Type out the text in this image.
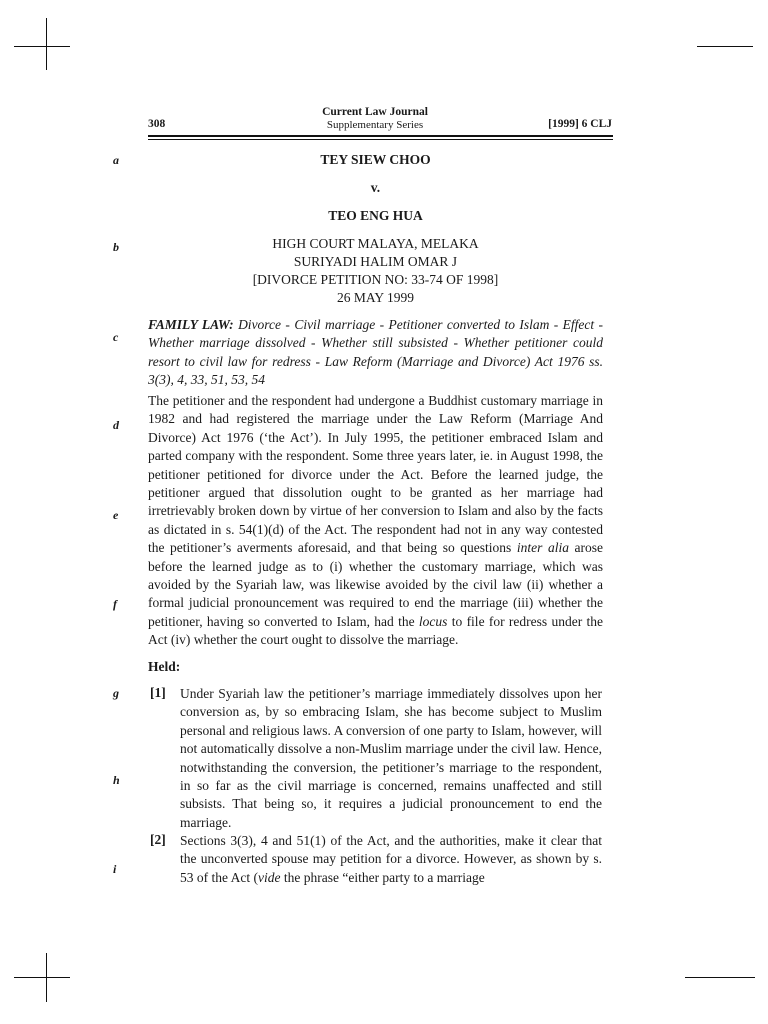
308
Current Law Journal
Supplementary Series	[1999] 6 CLJ
a
b
c
d
e
f
g
h
i
TEY SIEW CHOO
v.
TEO ENG HUA
HIGH COURT MALAYA, MELAKA
SURIYADI HALIM OMAR J
[DIVORCE PETITION NO: 33-74 OF 1998]
26 MAY 1999
FAMILY LAW: Divorce - Civil marriage - Petitioner converted to Islam - Effect - Whether marriage dissolved - Whether still subsisted - Whether petitioner could resort to civil law for redress - Law Reform (Marriage and Divorce) Act 1976 ss. 3(3), 4, 33, 51, 53, 54
The petitioner and the respondent had undergone a Buddhist customary marriage in 1982 and had registered the marriage under the Law Reform (Marriage And Divorce) Act 1976 (‘the Act’). In July 1995, the petitioner embraced Islam and parted company with the respondent. Some three years later, ie. in August 1998, the petitioner petitioned for divorce under the Act. Before the learned judge, the petitioner argued that dissolution ought to be granted as her marriage had irretrievably broken down by virtue of her conversion to Islam and also by the facts as dictated in s. 54(1)(d) of the Act. The respondent had not in any way contested the petitioner’s averments aforesaid, and that being so questions inter alia arose before the learned judge as to (i) whether the customary marriage, which was avoided by the Syariah law, was likewise avoided by the civil law (ii) whether a formal judicial pronouncement was required to end the marriage (iii) whether the petitioner, having so converted to Islam, had the locus to file for redress under the Act (iv) whether the court ought to dissolve the marriage.
Held:
[1] Under Syariah law the petitioner’s marriage immediately dissolves upon her conversion as, by so embracing Islam, she has become subject to Muslim personal and religious laws. A conversion of one party to Islam, however, will not automatically dissolve a non-Muslim marriage under the civil law. Hence, notwithstanding the conversion, the petitioner’s marriage to the respondent, in so far as the civil marriage is concerned, remains unaffected and still subsists. That being so, it requires a judicial pronouncement to end the marriage.
[2] Sections 3(3), 4 and 51(1) of the Act, and the authorities, make it clear that the unconverted spouse may petition for a divorce. However, as shown by s. 53 of the Act (vide the phrase “either party to a marriage
